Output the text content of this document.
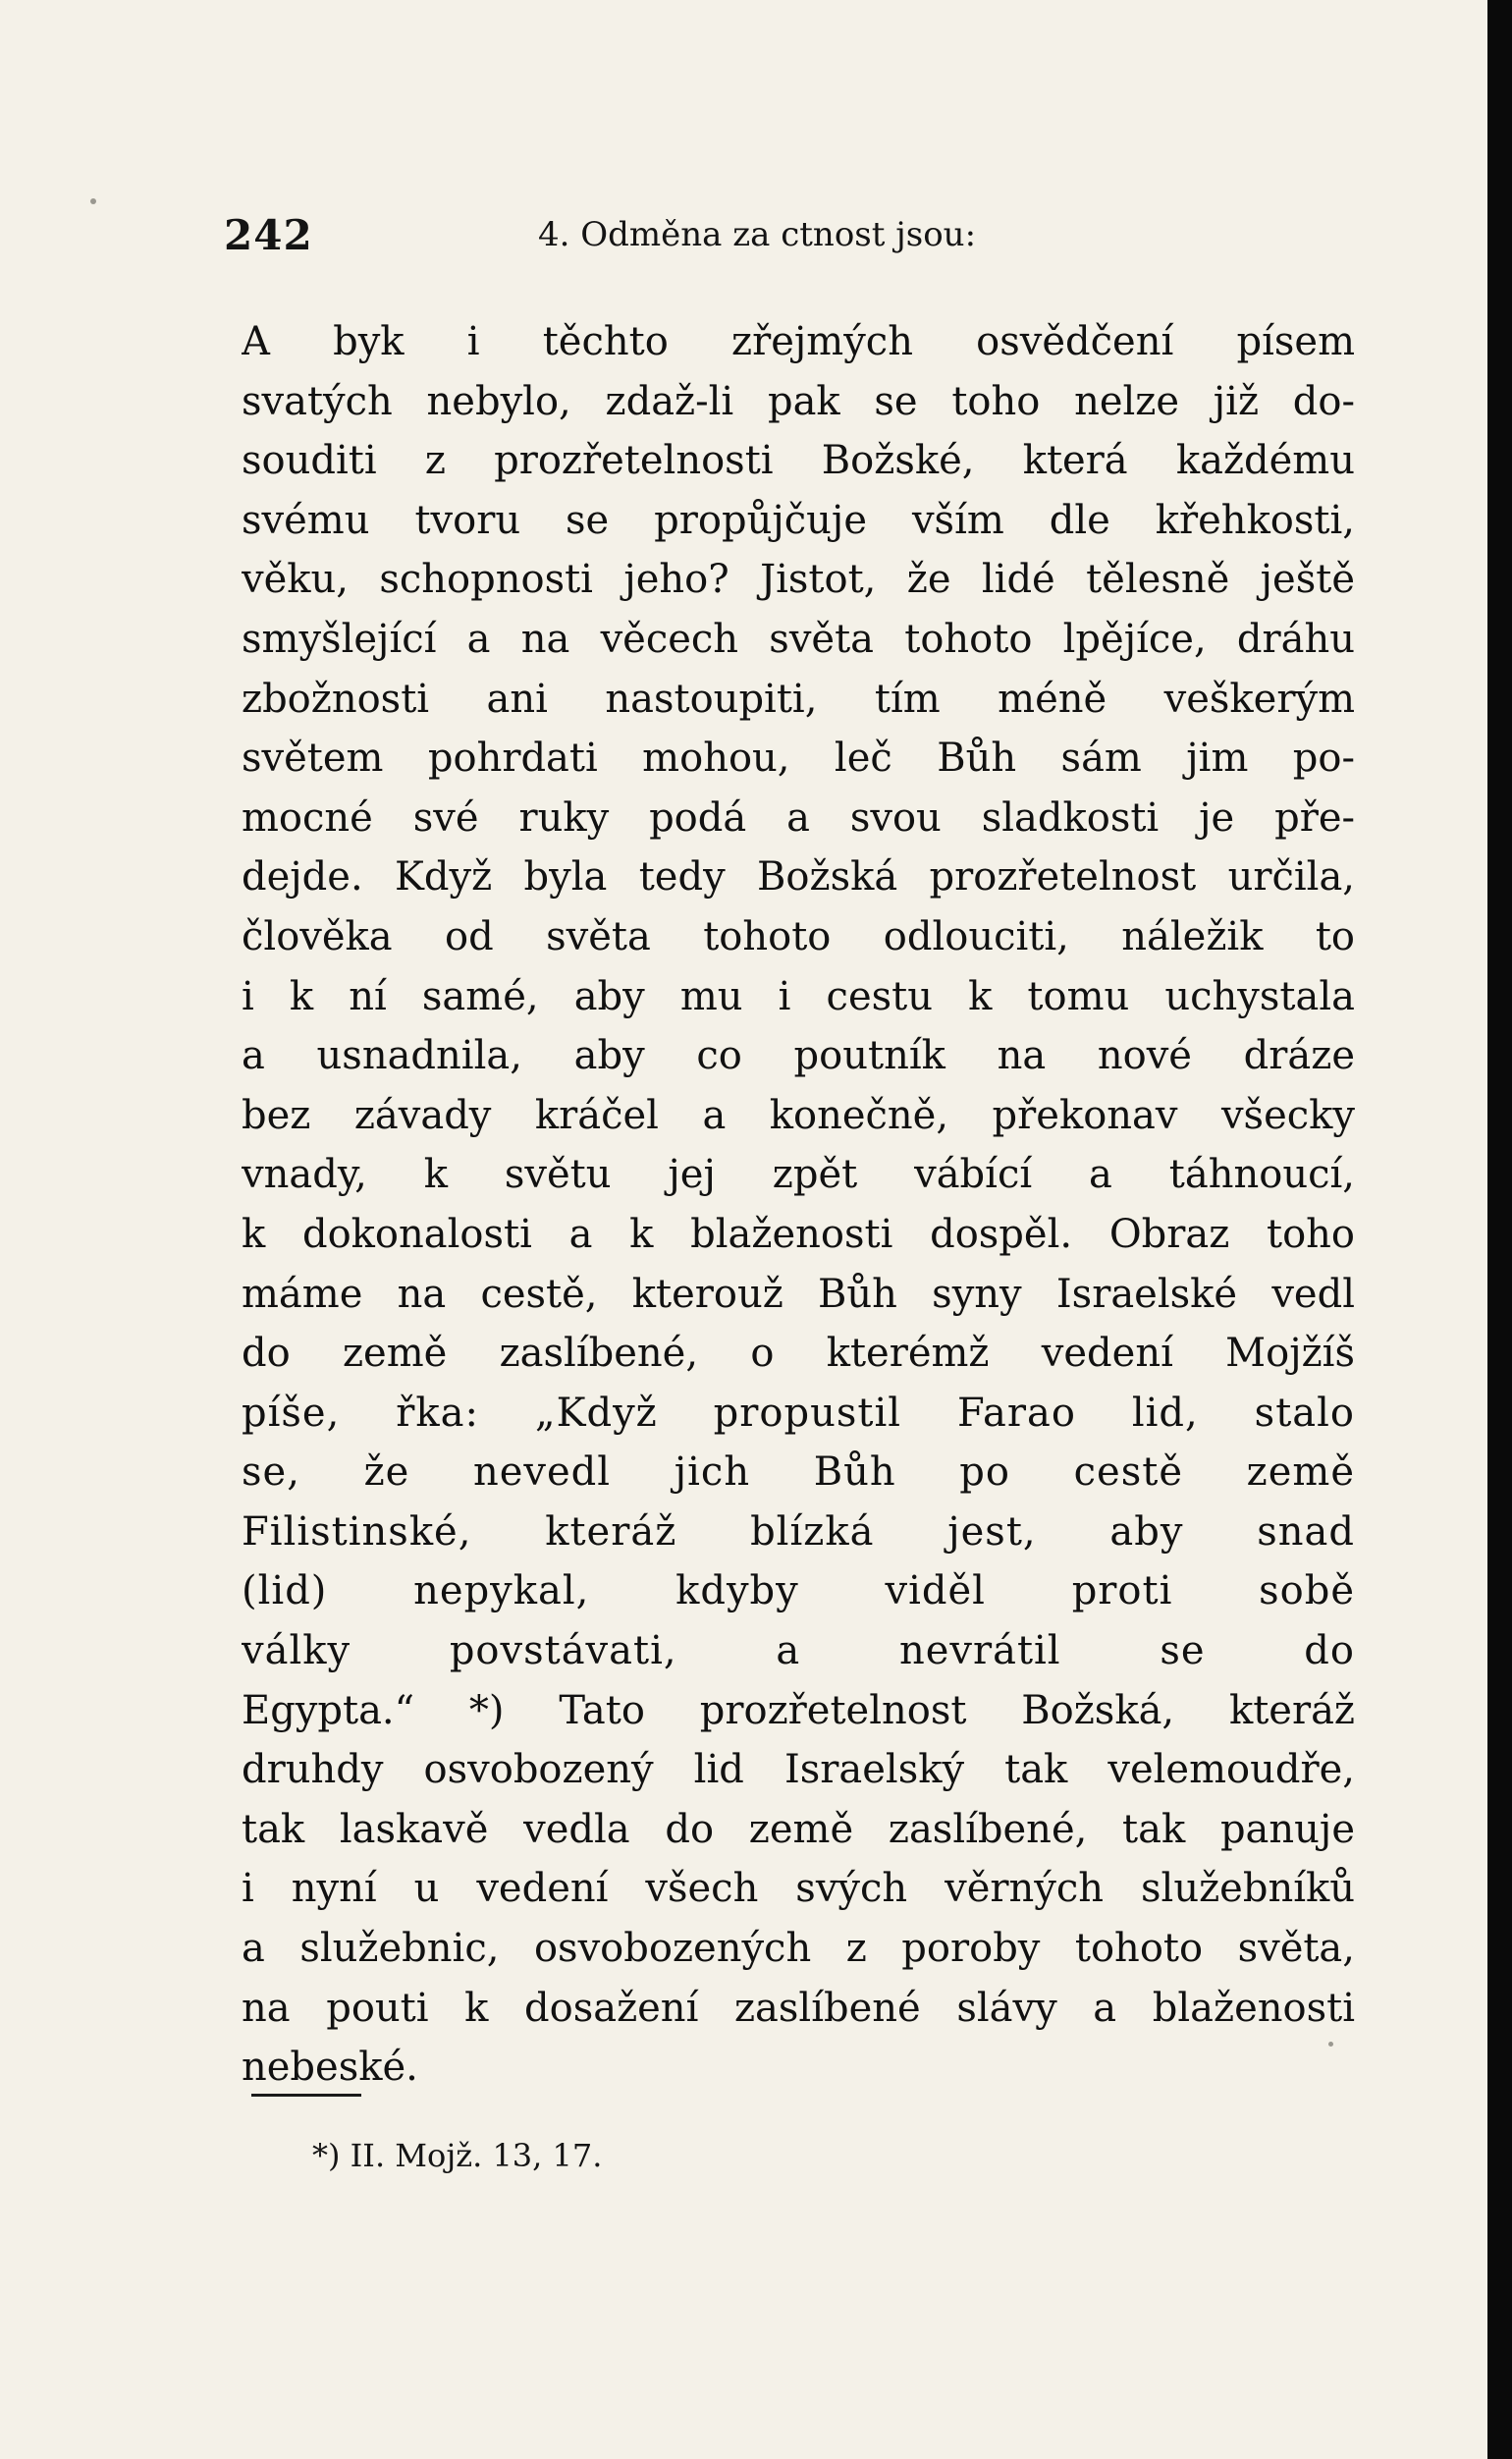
242	4. Odměna za ctnost jsou:
A byk i těchto zřejmých osvědčení písem
svatých nebylo, zdaž-li pak se toho nelze již do-
souditi z prozřetelnosti Božské, která každému
svému tvoru se propůjčuje vším dle křehkosti,
věku, schopnosti jeho? Jistot, že lidé tělesně ještě
smyšlející a na věcech světa tohoto lpějíce, dráhu
zbožnosti ani nastoupiti, tím méně veškerým
světem pohrdati mohou, leč Bůh sám jim po-
mocné své ruky podá a svou sladkosti je pře-
dejde. Když byla tedy Božská prozřetelnost určila,
člověka od světa tohoto odlouciti, náležik to
i k ní samé, aby mu i cestu k tomu uchystala
a usnadnila, aby co poutník na nové dráze
bez závady kráčel a konečně, překonav všecky
vnady, k světu jej zpět vábící a táhnoucí,
k dokonalosti a k blaženosti dospěl. Obraz toho
máme na cestě, kterouž Bůh syny Israelské vedl
do země zaslíbené, o kterémž vedení Mojžíš
píše, řka: „Když propustil Farao lid, stalo
se, že nevedl jich Bůh po cestě země
Filistinské, kteráž blízká jest, aby snad
(lid) nepykal, kdyby viděl proti sobě
války povstávati, a nevrátil se do
Egypta.“ *) Tato prozřetelnost Božská, kteráž
druhdy osvobozený lid Israelský tak velemoudře,
tak laskavě vedla do země zaslíbené, tak panuje
i nyní u vedení všech svých věrných služebníků
a služebnic, osvobozených z poroby tohoto světa,
na pouti k dosažení zaslíbené slávy a blaženosti
nebeské.
*) II. Mojž. 13, 17.
